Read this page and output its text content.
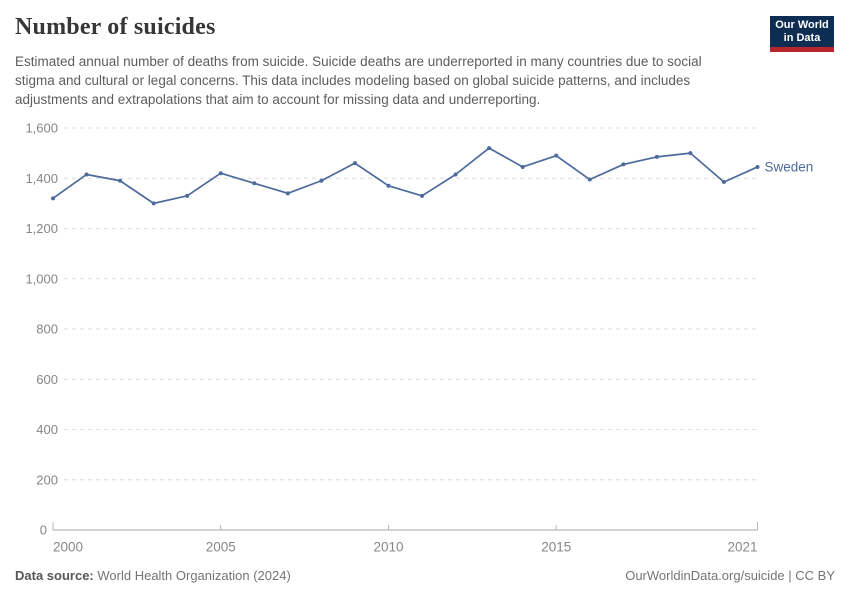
Number of suicides	Our World
in Data

Estimated annual number of deaths from suicide. Suicide deaths are underreported in many countries due to social stigma and cultural or legal concerns. This data includes modeling based on global suicide patterns, and includes adjustments and extrapolations that aim to account for missing data and underreporting.

0
200
400
600
800
1,000
1,200
1,400
1,600
2000	2005	2010	2015	2021
Sweden
Data source: World Health Organization (2024)	OurWorldinData.org/suicide | CC BY
